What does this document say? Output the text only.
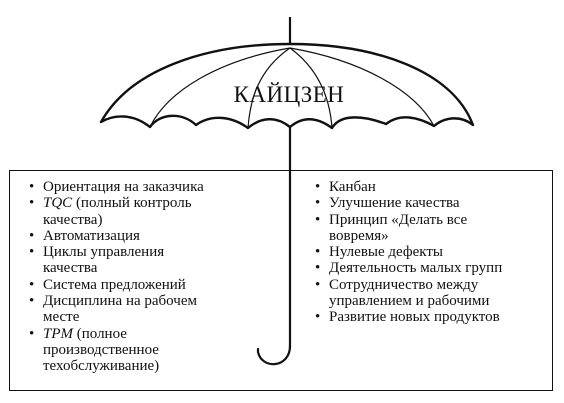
КАЙЦЗЕН
• Ориентация на заказчика
• TQC (полный контроль
качества)
• Автоматизация
• Циклы управления
качества
• Система предложений
• Дисциплина на рабочем
месте
• TPM (полное
производственное
техобслуживание)
• Канбан
• Улучшение качества
• Принцип «Делать все
вовремя»
• Нулевые дефекты
• Деятельность малых групп
• Сотрудничество между
управлением и рабочими
• Развитие новых продуктов
